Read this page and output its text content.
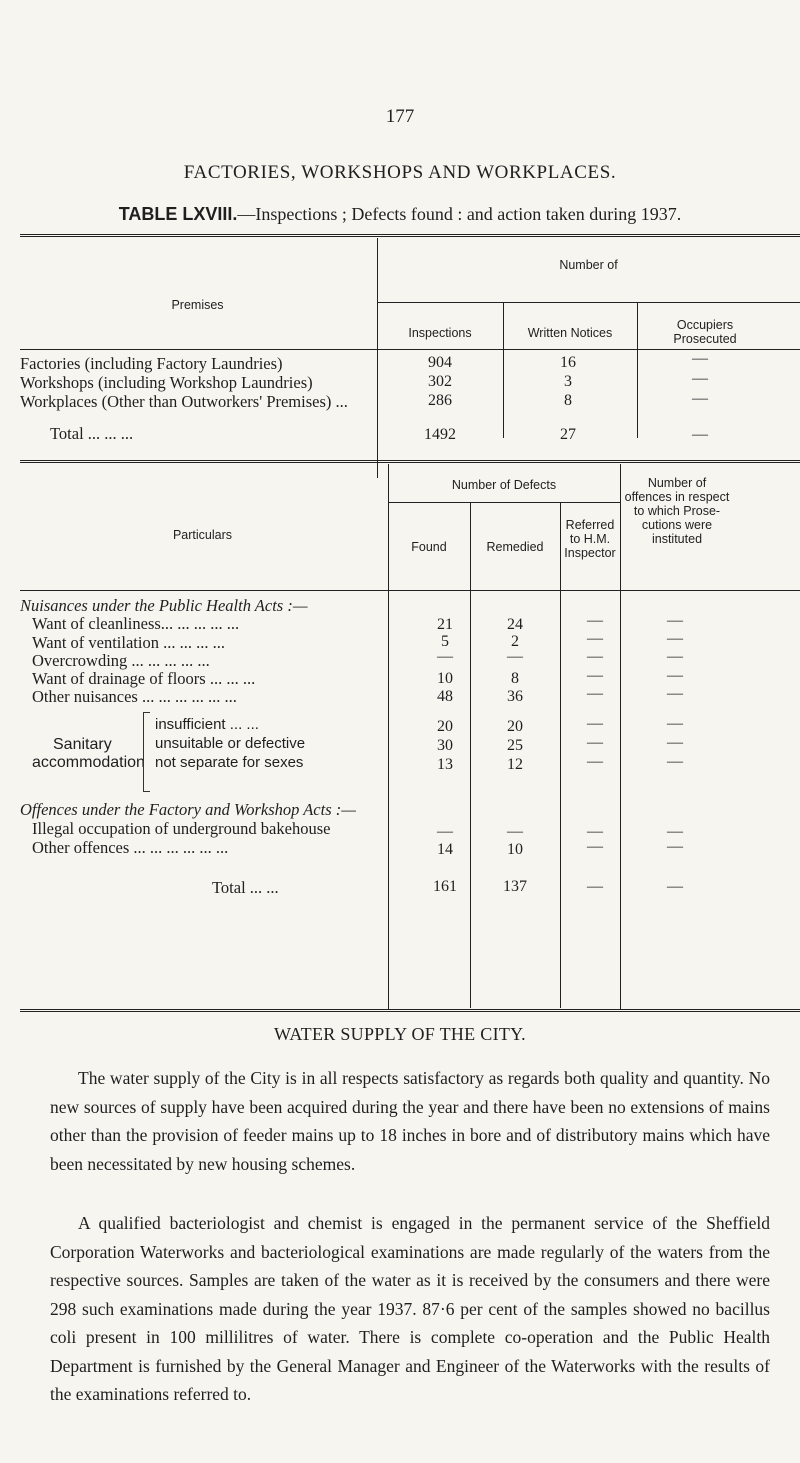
177
FACTORIES, WORKSHOPS AND WORKPLACES.
TABLE LXVIII.—Inspections ; Defects found : and action taken during 1937.
Premises
Number of
Inspections	Written Notices
Occupiers Prosecuted
Factories (including Factory Laundries)	904	16	—
Workshops (including Workshop Laundries)	302	3	—
Workplaces (Other than Outworkers' Premises) ...	286	8	—
Total ... ... ...	1492	27	—
Particulars
Number of Defects	Number of offences in respect to which Prose- cutions were instituted
Found	Remedied
Referred to H.M. Inspector
Nuisances under the Public Health Acts :—
Want of cleanliness... ... ... ... ...	21	24	—	—
Want of ventilation ... ... ... ...	5	2	—	—
Overcrowding ... ... ... ... ...	—	—	—	—
Want of drainage of floors ... ... ...	10	8	—	—
Other nuisances ... ... ... ... ... ...	48	36	—	—
Sanitary
accommodation
insufficient ... ...	20	20	—	—
unsuitable or defective	30	25	—	—
not separate for sexes	13	12	—	—
Offences under the Factory and Workshop Acts :—
Illegal occupation of underground bakehouse	—	—	—	—
Other offences ... ... ... ... ... ...	14	10	—	—
Total ... ...	161	137	—	—
WATER SUPPLY OF THE CITY.

The water supply of the City is in all respects satisfactory as regards both quality and quantity. No new sources of supply have been acquired during the year and there have been no extensions of mains other than the provision of feeder mains up to 18 inches in bore and of distributory mains which have been necessitated by new housing schemes.

A qualified bacteriologist and chemist is engaged in the permanent service of the Sheffield Corporation Waterworks and bacteriological examinations are made regularly of the waters from the respective sources. Samples are taken of the water as it is received by the consumers and there were 298 such examinations made during the year 1937. 87·6 per cent of the samples showed no bacillus coli present in 100 millilitres of water. There is complete co-operation and the Public Health Department is furnished by the General Manager and Engineer of the Waterworks with the results of the examinations referred to.
